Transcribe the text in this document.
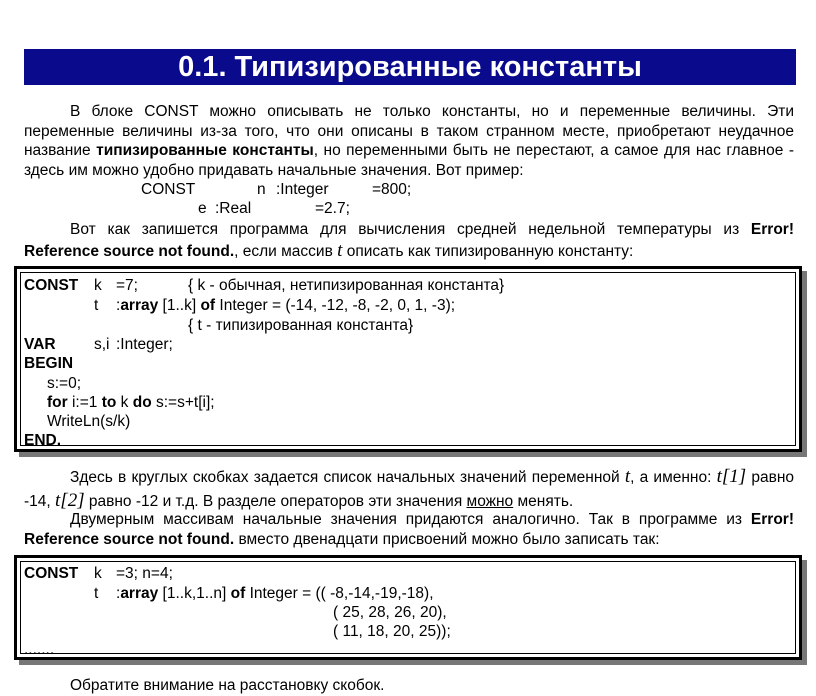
0.1. Типизированные константы
В блоке CONST можно описывать не только константы, но и переменные величины. Эти переменные величины из-за того, что они описаны в таком странном месте, приобретают неудачное название типизированные константы, но переменными быть не перестают, а самое для нас главное - здесь им можно удобно придавать начальные значения. Вот пример:
CONST	n :Integer	=800;
e :Real	=2.7;
Вот как запишется программа для вычисления средней недельной температуры из Error! Reference source not found., если массив t описать как типизированную константу:
CONST k =7;	{ k - обычная, нетипизированная константа}
t :array [1..k] of Integer = (-14, -12, -8, -2, 0, 1, -3);
{ t - типизированная константа}
VAR s,i :Integer;
BEGIN
s:=0;
for i:=1 to k do s:=s+t[i];
WriteLn(s/k)
END.
Здесь в круглых скобках задается список начальных значений переменной t, а именно: t[1] равно -14, t[2] равно -12 и т.д. В разделе операторов эти значения можно менять.
Двумерным массивам начальные значения придаются аналогично. Так в программе из Error! Reference source not found. вместо двенадцати присвоений можно было записать так:
CONST k =3; n=4;
t :array [1..k,1..n] of Integer = (( -8,-14,-19,-18),
( 25, 28, 26, 20),
( 11, 18, 20, 25));
.......
Обратите внимание на расстановку скобок.
